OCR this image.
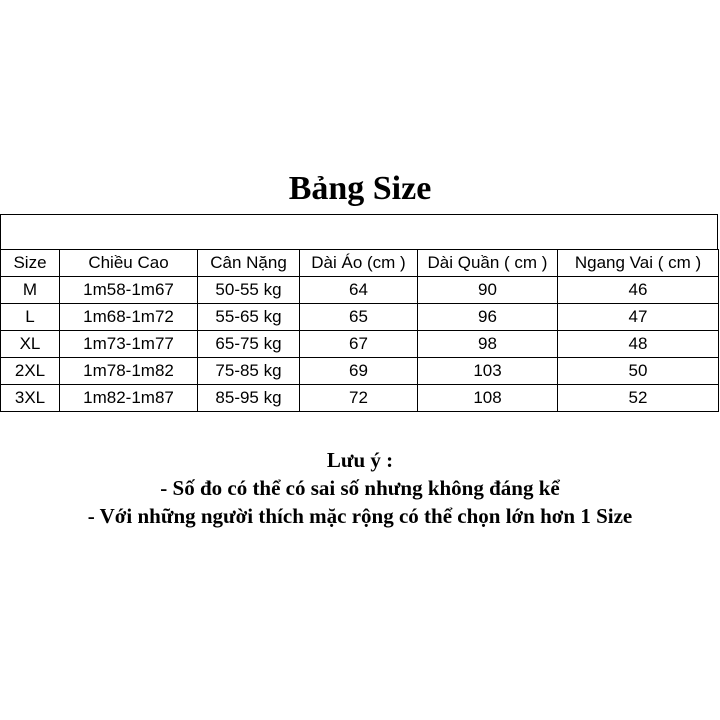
Bảng Size
Size	Chiều Cao	Cân Nặng	Dài Áo (cm )	Dài Quần ( cm )	Ngang Vai ( cm )
M	1m58-1m67	50-55 kg	64	90	46
L	1m68-1m72	55-65 kg	65	96	47
XL	1m73-1m77	65-75 kg	67	98	48
2XL	1m78-1m82	75-85 kg	69	103	50
3XL	1m82-1m87	85-95 kg	72	108	52
Lưu ý :
- Số đo có thể có sai số nhưng không đáng kể
- Với những người thích mặc rộng có thể chọn lớn hơn 1 Size
